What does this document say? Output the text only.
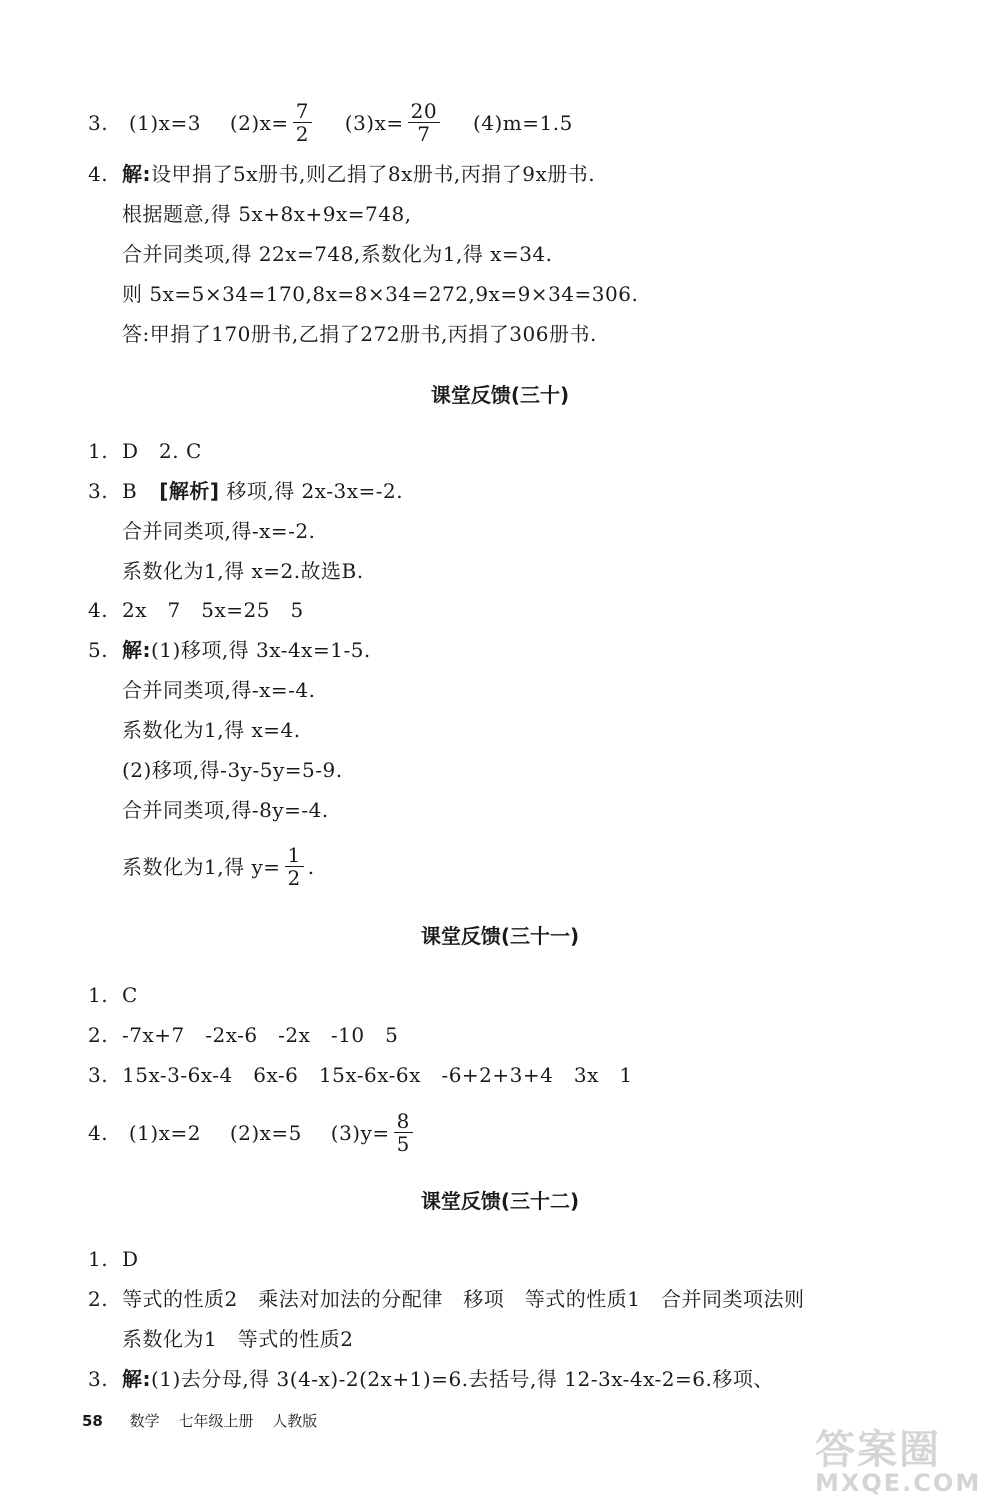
3. (1)x=3 $(2)x= \frac{7}{2} (3)x= \frac{20}{7} (4)m=1.5$
4. 解:设甲捐了5x册书,则乙捐了8x册书,丙捐了9x册书.
根据题意,得 5x+8x+9x=748,
合并同类项,得 22x=748,系数化为1,得 x=34.
则 5x=5×34=170,8x=8×34=272,9x=9×34=306.
答:甲捐了170册书,乙捐了272册书,丙捐了306册书.
课堂反馈(三十)
1. D　2. C
3. B [解析] 移项,得 2x-3x=-2.
合并同类项,得-x=-2.
系数化为1,得 x=2.故选B.
4. 2x　7　5x=25　5
5. 解:(1)移项,得 3x-4x=1-5.
合并同类项,得-x=-4.
系数化为1,得 x=4.
(2)移项,得-3y-5y=5-9.
合并同类项,得-8y=-4.
系数化为1,得 $y= \frac{1}{2}$ .
课堂反馈(三十一)
1. C
2. -7x+7　-2x-6　-2x　-10　5
3. 15x-3-6x-4　6x-6　15x-6x-6x　-6+2+3+4　3x　1
4. (1)x=2 (2)x=5 $(3)y= \frac{8}{5}$
课堂反馈(三十二)
1. D
2. 等式的性质2　乘法对加法的分配律　移项　等式的性质1　合并同类项法则
系数化为1　等式的性质2
3. 解:(1)去分母,得 3(4-x)-2(2x+1)=6.去括号,得 12-3x-4x-2=6.移项、
58 数学 七年级上册 人教版
答案圈
MXQE.COM
